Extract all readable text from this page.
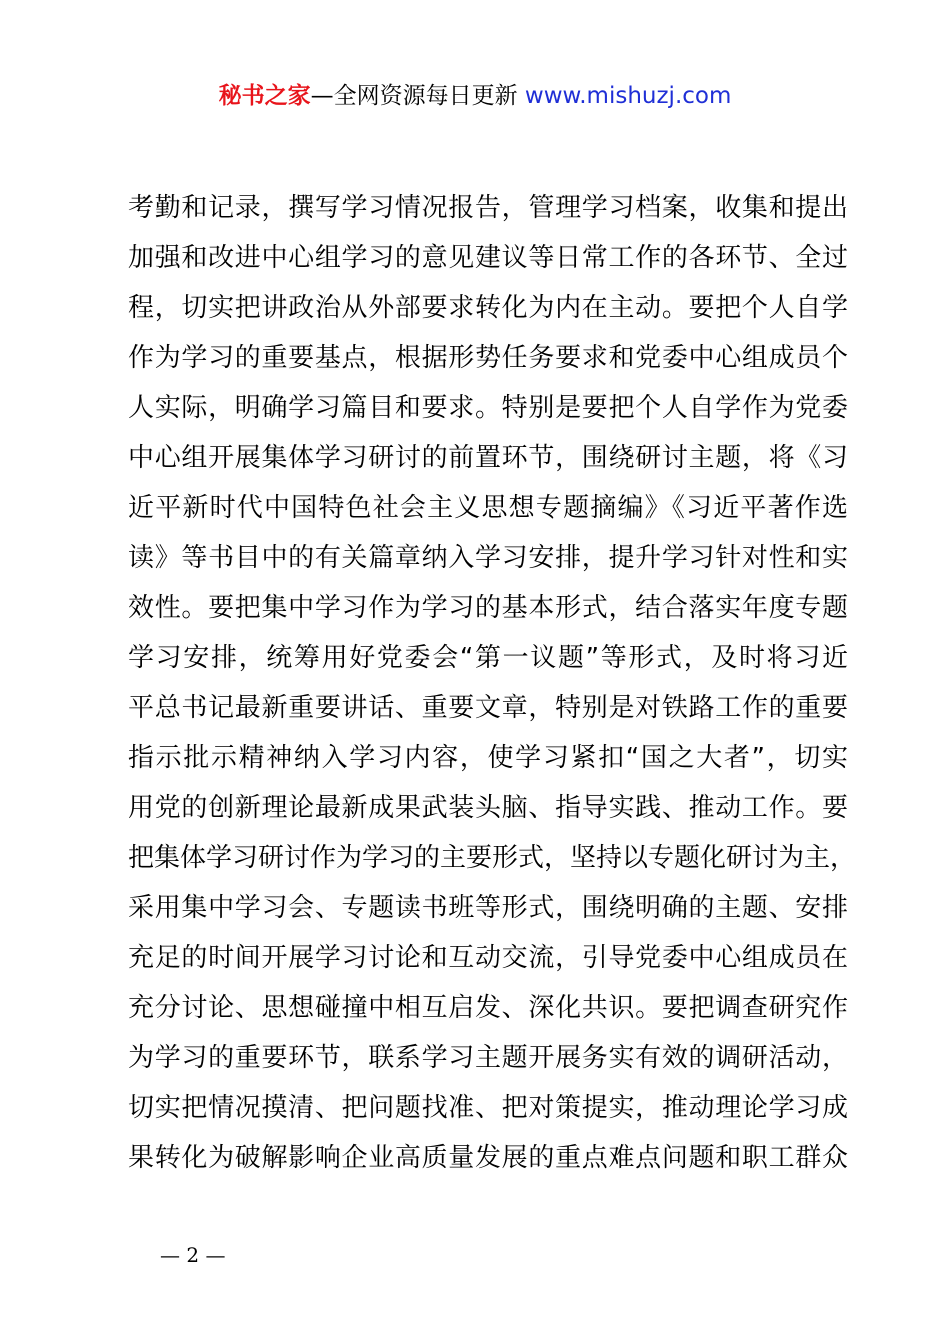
秘书之家—全网资源每日更新 www.mishuzj.com
考勤和记录，撰写学习情况报告，管理学习档案，收集和提出
加强和改进中心组学习的意见建议等日常工作的各环节、全过
程，切实把讲政治从外部要求转化为内在主动。要把个人自学
作为学习的重要基点，根据形势任务要求和党委中心组成员个
人实际，明确学习篇目和要求。特别是要把个人自学作为党委
中心组开展集体学习研讨的前置环节，围绕研讨主题，将《习
近平新时代中国特色社会主义思想专题摘编》《习近平著作选
读》等书目中的有关篇章纳入学习安排，提升学习针对性和实
效性。要把集中学习作为学习的基本形式，结合落实年度专题
学习安排，统筹用好党委会“第一议题”等形式，及时将习近
平总书记最新重要讲话、重要文章，特别是对铁路工作的重要
指示批示精神纳入学习内容，使学习紧扣“国之大者”，切实
用党的创新理论最新成果武装头脑、指导实践、推动工作。要
把集体学习研讨作为学习的主要形式，坚持以专题化研讨为主，
采用集中学习会、专题读书班等形式，围绕明确的主题、安排
充足的时间开展学习讨论和互动交流，引导党委中心组成员在
充分讨论、思想碰撞中相互启发、深化共识。要把调查研究作
为学习的重要环节，联系学习主题开展务实有效的调研活动，
切实把情况摸清、把问题找准、把对策提实，推动理论学习成
果转化为破解影响企业高质量发展的重点难点问题和职工群众
— 2 —
